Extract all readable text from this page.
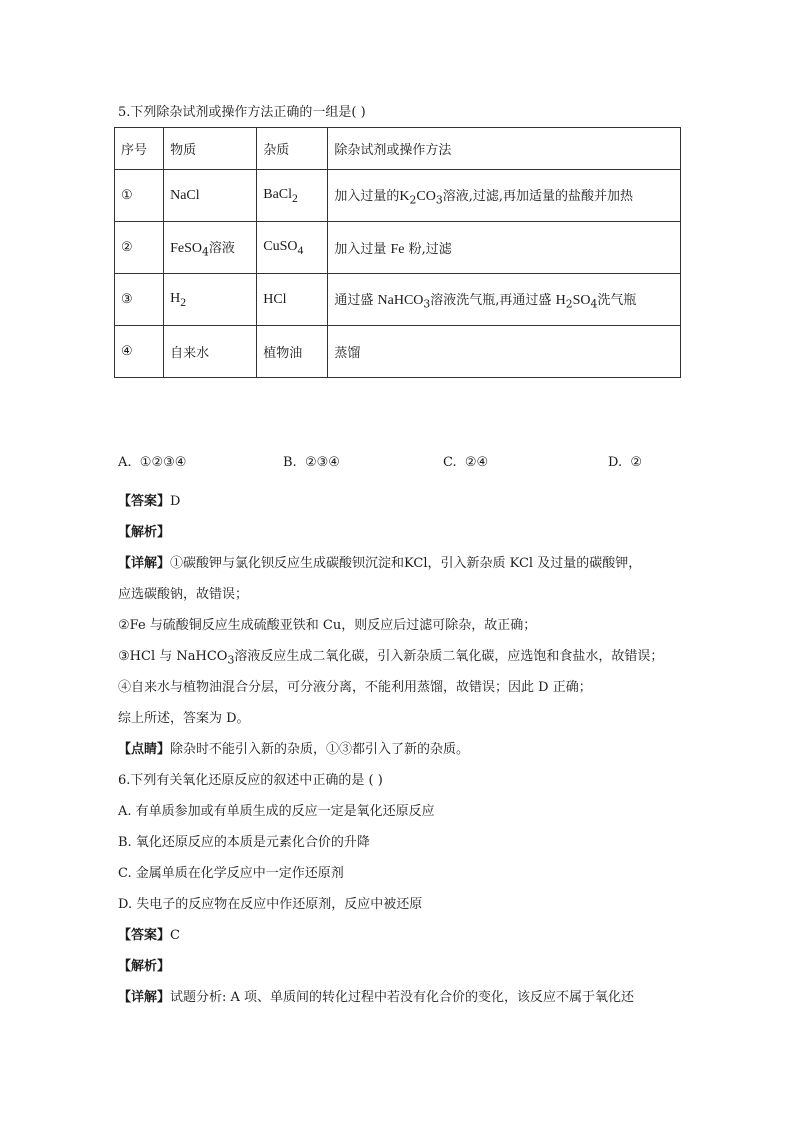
5.下列除杂试剂或操作方法正确的一组是( )
序号	物质	杂质	除杂试剂或操作方法
①	NaCl	BaCl$_2$	加入过量的$K_2CO_3$溶液,过滤,再加适量的盐酸并加热
②	FeSO$_4$溶液	CuSO$_4$	加入过量 Fe 粉,过滤
③	$H_2$	HCl	通过盛 NaHCO$_3$溶液洗气瓶,再通过盛 $H_2SO_4$洗气瓶
④	自来水	植物油	蒸馏
A. ①②③④	B. ②③④	C. ②④	D. ②
【答案】D
【解析】
【详解】①碳酸钾与氯化钡反应生成碳酸钡沉淀和KCl，引入新杂质 KCl 及过量的碳酸钾，
应选碳酸钠，故错误；
②Fe 与硫酸铜反应生成硫酸亚铁和 Cu，则反应后过滤可除杂，故正确；
③HCl 与 NaHCO$_3$溶液反应生成二氧化碳，引入新杂质二氧化碳，应选饱和食盐水，故错误；
④自来水与植物油混合分层，可分液分离，不能利用蒸馏，故错误；因此 D 正确；
综上所述，答案为 D。
【点睛】除杂时不能引入新的杂质，①③都引入了新的杂质。
6.下列有关氧化还原反应的叙述中正确的是 ( )
A. 有单质参加或有单质生成的反应一定是氧化还原反应
B. 氧化还原反应的本质是元素化合价的升降
C. 金属单质在化学反应中一定作还原剂
D. 失电子的反应物在反应中作还原剂，反应中被还原
【答案】C
【解析】
【详解】试题分析: A 项、单质间的转化过程中若没有化合价的变化，该反应不属于氧化还
